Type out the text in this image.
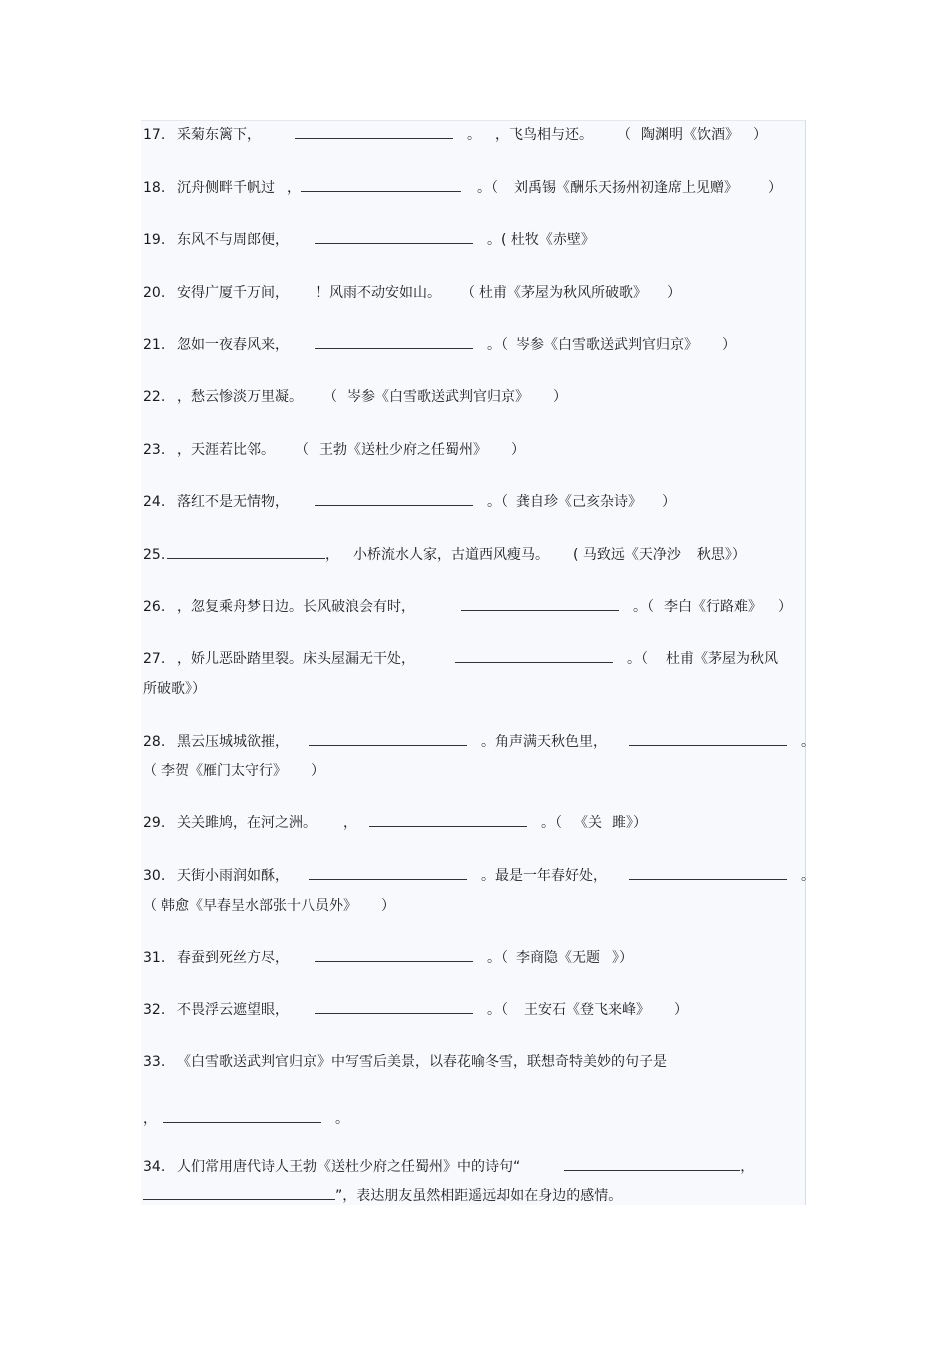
17.采菊东篱下，	。 ，飞鸟相与还。 （ 陶渊明《饮酒》 ）
18.沉舟侧畔千帆过 ，	。（ 刘禹锡《酬乐天扬州初逢席上见赠》 ）
19.东风不与周郎便，	。( 杜牧《赤壁》
20.安得广厦千万间， ！风雨不动安如山。 （ 杜甫《茅屋为秋风所破歌》 ）
21.忽如一夜春风来，	。（ 岑参《白雪歌送武判官归京》 ）
22.，愁云惨淡万里凝。 （ 岑参《白雪歌送武判官归京》 ）
23.，天涯若比邻。 （ 王勃《送杜少府之任蜀州》 ）
24.落红不是无情物，	。（ 龚自珍《己亥杂诗》 ）
25.	， 小桥流水人家，古道西风瘦马。 ( 马致远《天净沙 秋思》）
26.，忽复乘舟梦日边。长风破浪会有时，	。（ 李白《行路难》 ）
27.，娇儿恶卧踏里裂。床头屋漏无干处，	。（ 杜甫《茅屋为秋风
所破歌》）
28.黑云压城城欲摧，	。角声满天秋色里，	。
（ 李贺《雁门太守行》 ）
29.关关雎鸠，在河之洲。 ，	。（ 《关 雎》）
30.天街小雨润如酥，	。最是一年春好处，	。
（ 韩愈《早春呈水部张十八员外》 ）
31.春蚕到死丝方尽，	。（ 李商隐《无题 》）
32.不畏浮云遮望眼，	。（ 王安石《登飞来峰》 ）
33.《白雪歌送武判官归京》中写雪后美景，以春花喻冬雪，联想奇特美妙的句子是
，	。
34.人们常用唐代诗人王勃《送杜少府之任蜀州》中的诗句“	，
”，表达朋友虽然相距遥远却如在身边的感情。
